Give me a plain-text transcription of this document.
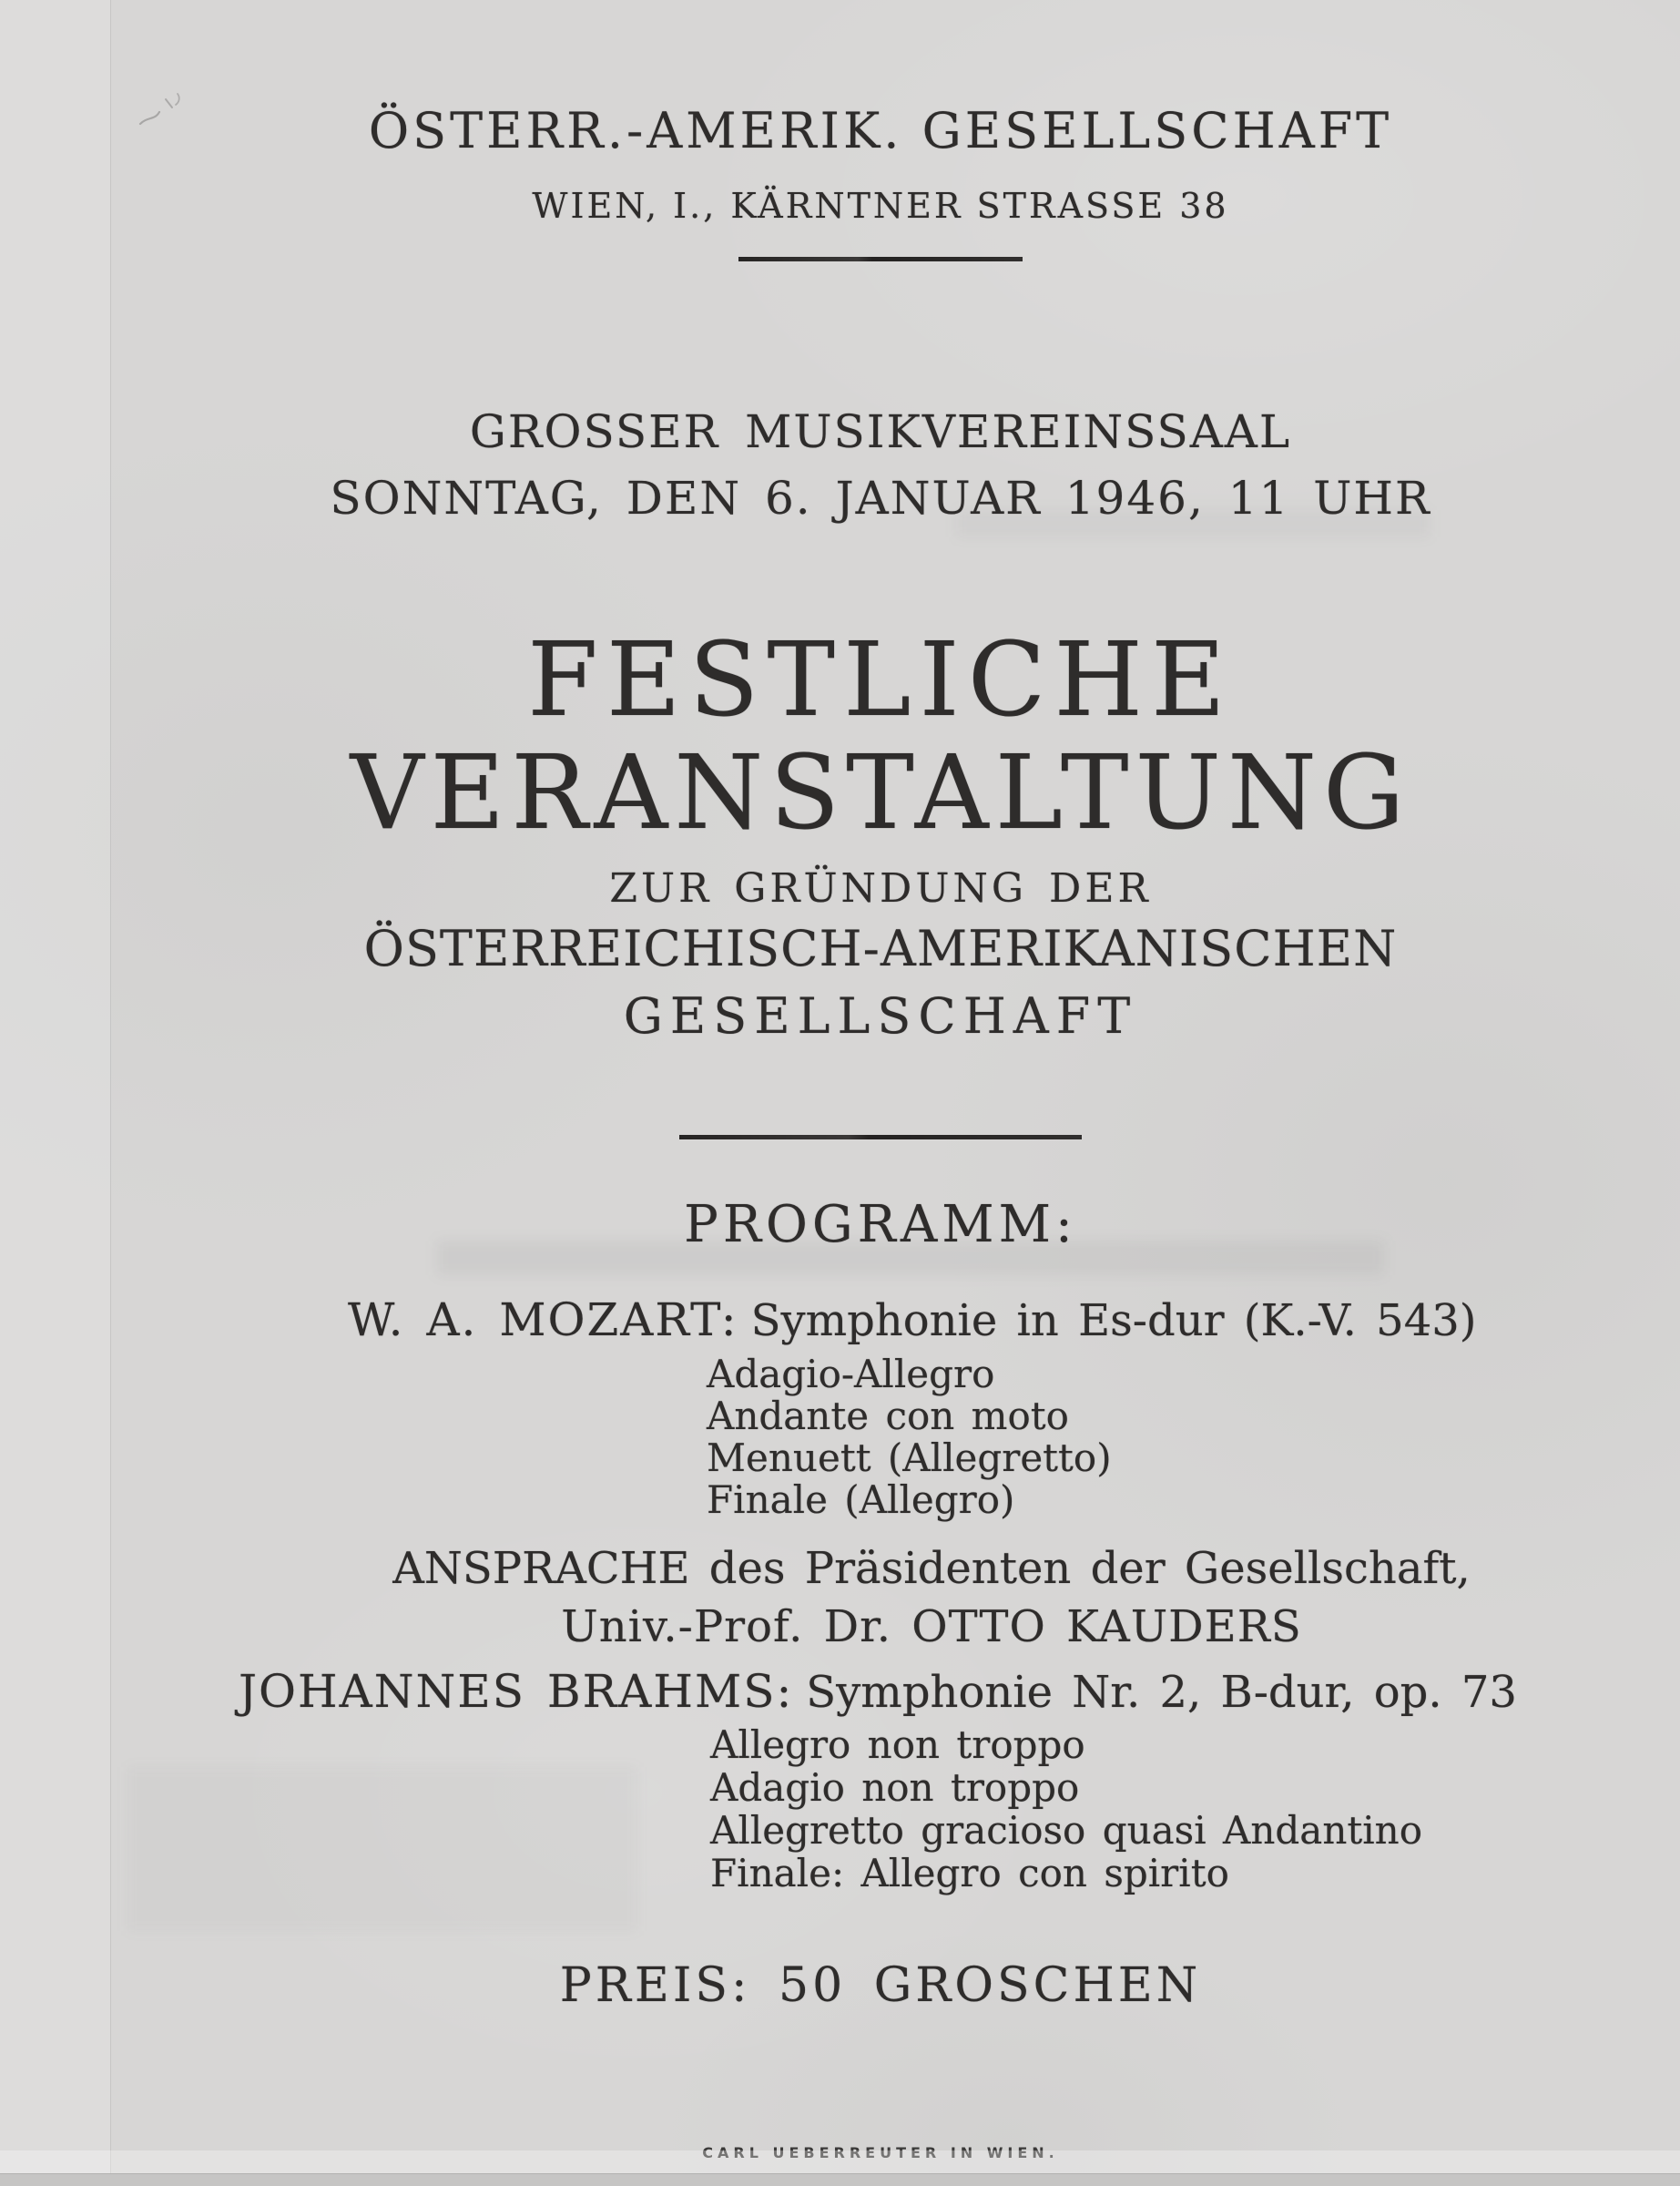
ÖSTERR.-AMERIK. GESELLSCHAFT
WIEN, I., KÄRNTNER STRASSE 38
GROSSER MUSIKVEREINSSAAL
SONNTAG, DEN 6. JANUAR 1946, 11 UHR
FESTLICHE
VERANSTALTUNG
ZUR GRÜNDUNG DER
ÖSTERREICHISCH-AMERIKANISCHEN
GESELLSCHAFT
PROGRAMM:
W. A. MOZART: Symphonie in Es-dur (K.-V. 543)
Adagio-Allegro
Andante con moto
Menuett (Allegretto)
Finale (Allegro)
ANSPRACHE des Präsidenten der Gesellschaft,
Univ.-Prof. Dr. OTTO KAUDERS
JOHANNES BRAHMS: Symphonie Nr. 2, B-dur, op. 73
Allegro non troppo
Adagio non troppo
Allegretto gracioso quasi Andantino
Finale: Allegro con spirito
PREIS: 50 GROSCHEN
CARL UEBERREUTER IN WIEN.
